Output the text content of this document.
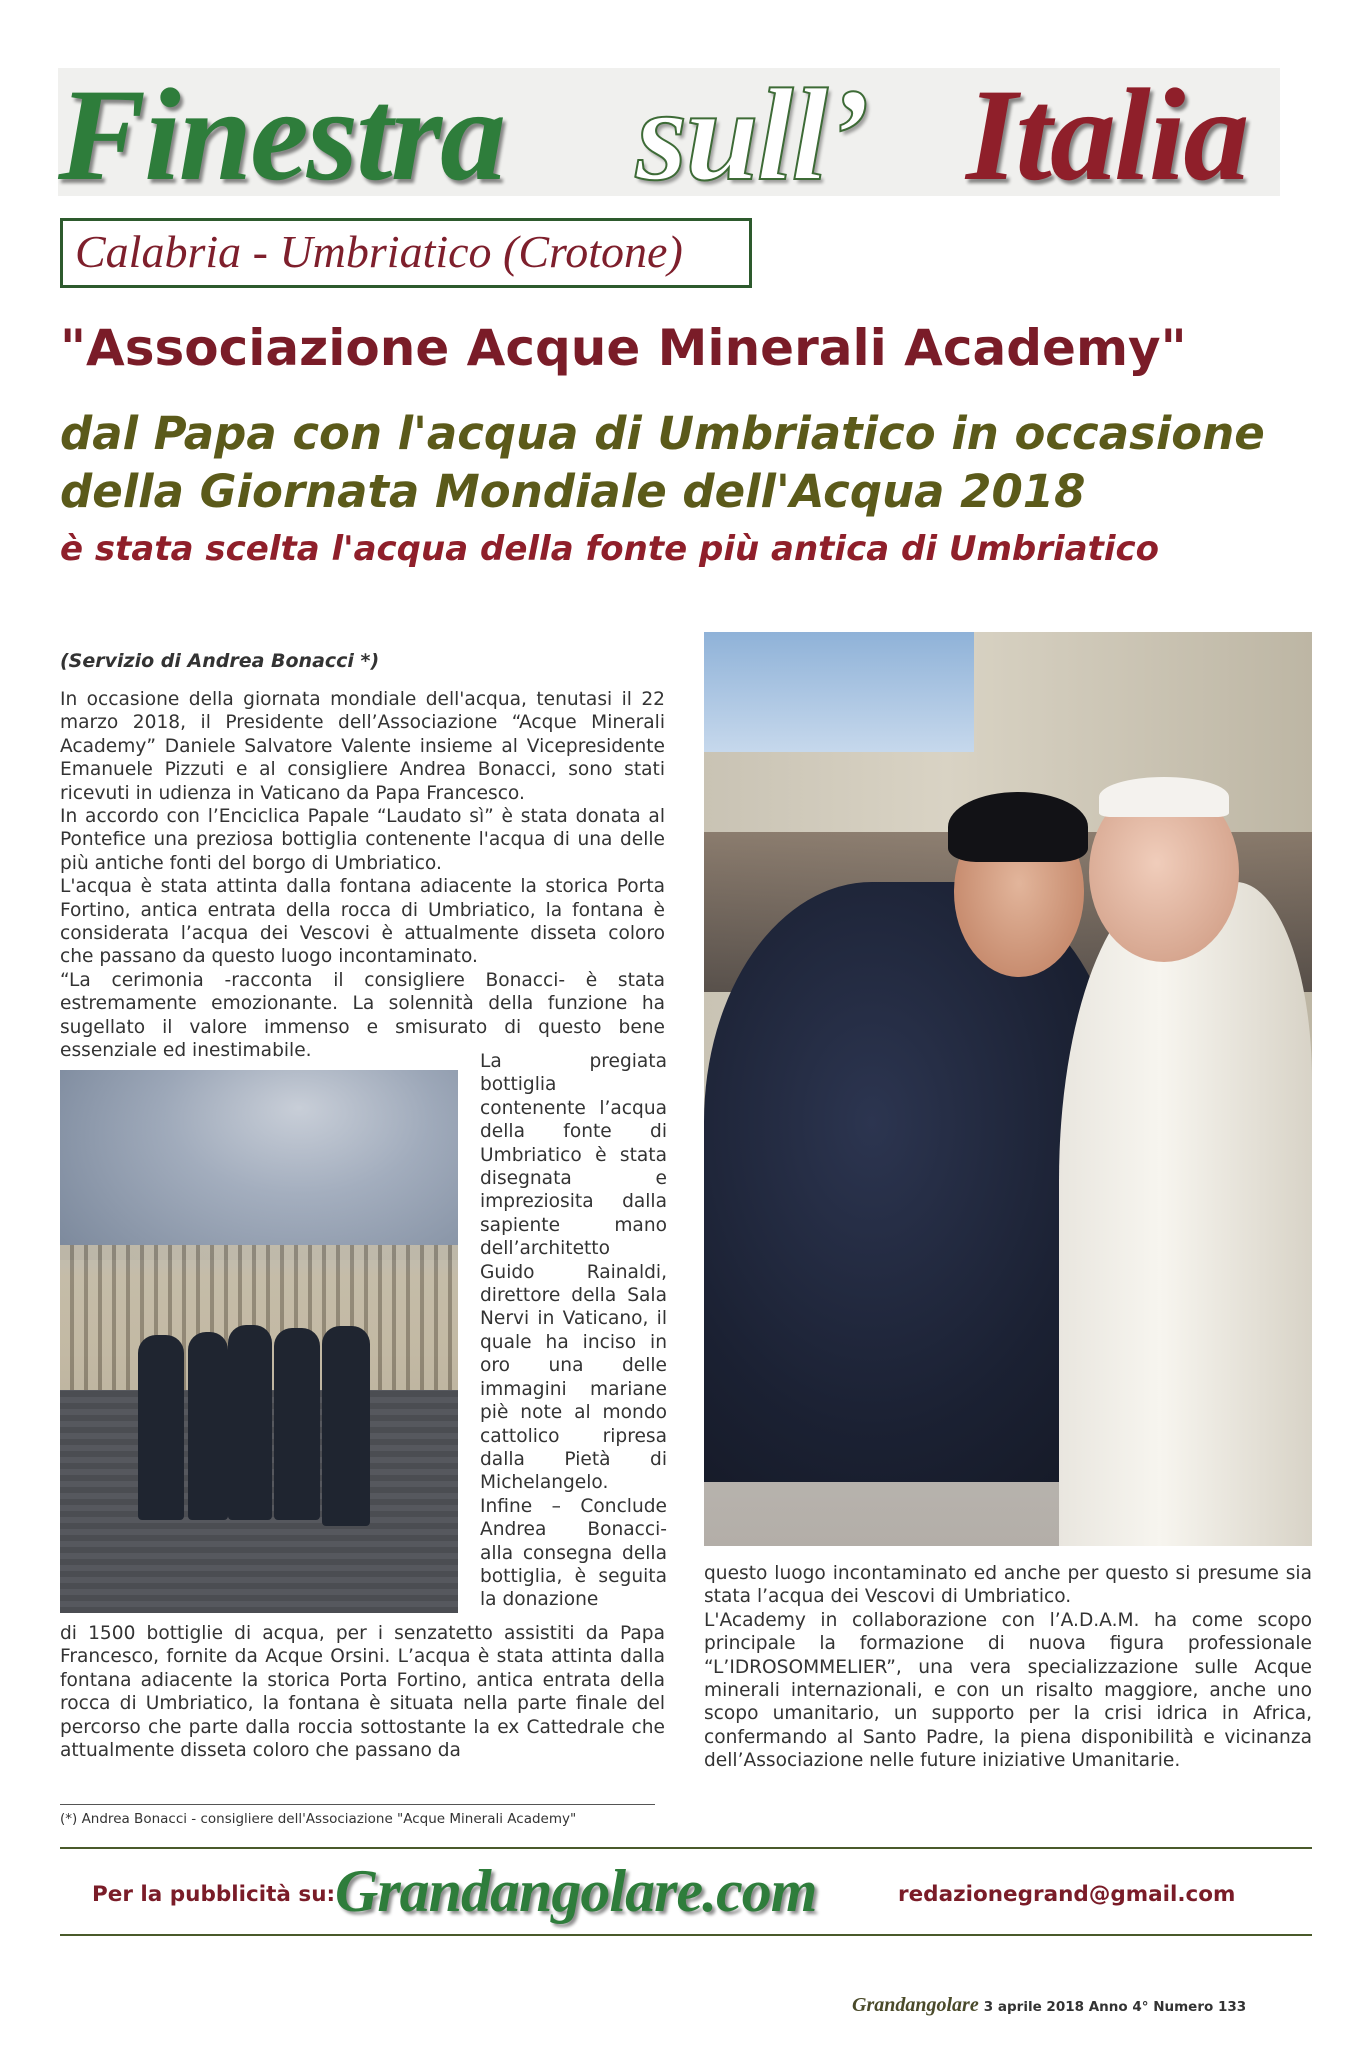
Finestra sull’ Italia
Calabria - Umbriatico (Crotone)
"Associazione Acque Minerali Academy"
dal Papa con l'acqua di Umbriatico in occasione della Giornata Mondiale dell'Acqua 2018
è stata scelta l'acqua della fonte più antica di Umbriatico
(Servizio di Andrea Bonacci *)

In occasione della giornata mondiale dell'acqua, tenutasi il 22 marzo 2018, il Presidente dell’Associazione “Acque Minerali Academy” Daniele Salvatore Valente insieme al Vicepresidente Emanuele Pizzuti e al consigliere Andrea Bonacci, sono stati ricevuti in udienza in Vaticano da Papa Francesco.

In accordo con l’Enciclica Papale “Laudato sì” è stata donata al Pontefice una preziosa bottiglia contenente l'acqua di una delle più antiche fonti del borgo di Umbriatico.

L'acqua è stata attinta dalla fontana adiacente la storica Porta Fortino, antica entrata della rocca di Umbriatico, la fontana è considerata l’acqua dei Vescovi è attualmente disseta coloro che passano da questo luogo incontaminato.

“La cerimonia -racconta il consigliere Bonacci- è stata estremamente emozionante. La solennità della funzione ha sugellato il valore immenso e smisurato di questo bene essenziale ed inestimabile.

La pregiata bottiglia contenente l’acqua della fonte di Umbriatico è stata disegnata e impreziosita dalla sapiente mano dell’architetto Guido Rainaldi, direttore della Sala Nervi in Vaticano, il quale ha inciso in oro una delle immagini mariane piè note al mondo cattolico ripresa dalla Pietà di Michelangelo.

Infine – Conclude Andrea Bonacci- alla consegna della bottiglia, è seguita la donazione

di 1500 bottiglie di acqua, per i senzatetto assistiti da Papa Francesco, fornite da Acque Orsini. L’acqua è stata attinta dalla fontana adiacente la storica Porta Fortino, antica entrata della rocca di Umbriatico, la fontana è situata nella parte finale del percorso che parte dalla roccia sottostante la ex Cattedrale che attualmente disseta coloro che passano da

questo luogo incontaminato ed anche per questo si presume sia stata l’acqua dei Vescovi di Umbriatico.

L'Academy in collaborazione con l’A.D.A.M. ha come scopo principale la formazione di nuova figura professionale “L’IDROSOMMELIER”, una vera specializzazione sulle Acque minerali internazionali, e con un risalto maggiore, anche uno scopo umanitario, un supporto per la crisi idrica in Africa, confermando al Santo Padre, la piena disponibilità e vicinanza dell’Associazione nelle future iniziative Umanitarie.

(*) Andrea Bonacci - consigliere dell'Associazione "Acque Minerali Academy"
Per la pubblicità su: Grandangolare.com	redazionegrand@gmail.com
Grandangolare 3 aprile 2018 Anno 4° Numero 133
